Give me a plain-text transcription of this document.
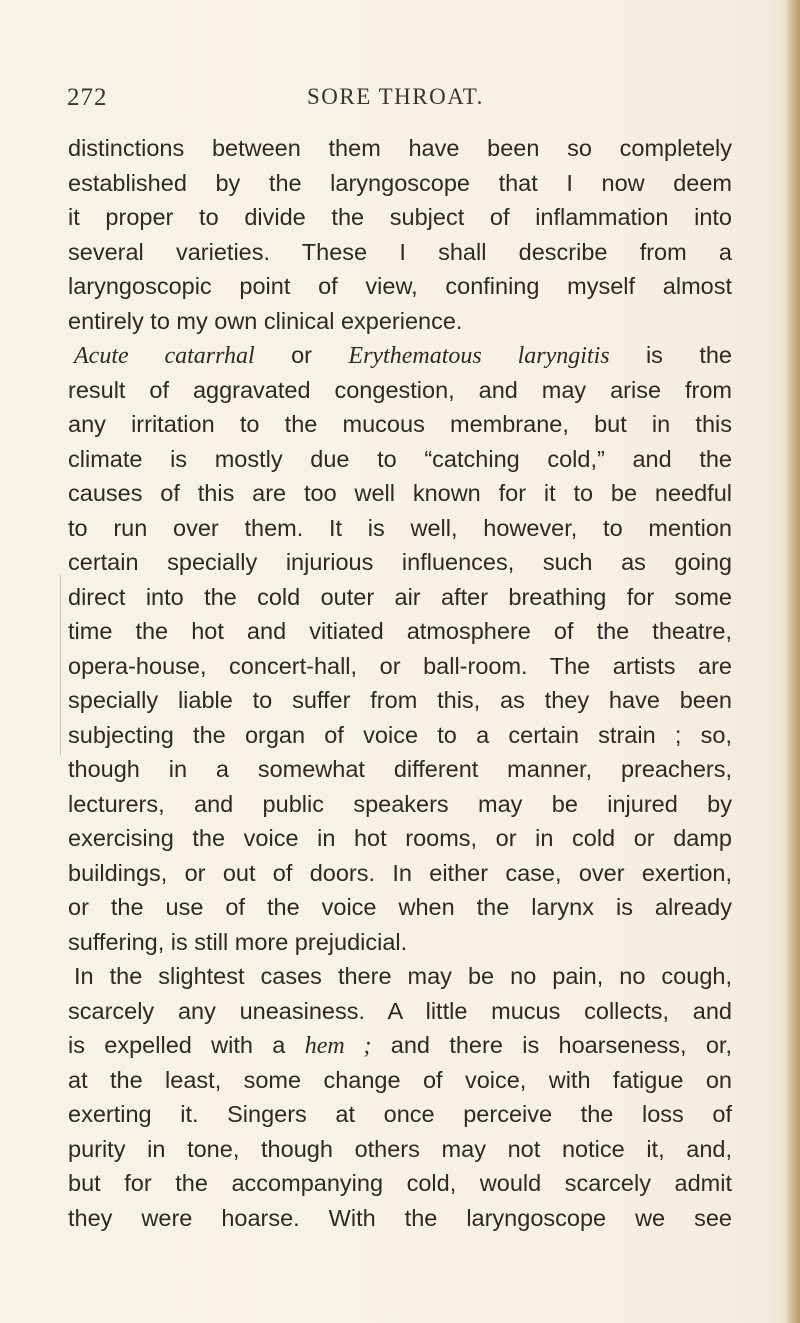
272	SORE THROAT.
distinctions between them have been so completely
established by the laryngoscope that I now deem
it proper to divide the subject of inflammation into
several varieties. These I shall describe from a
laryngoscopic point of view, confining myself almost
entirely to my own clinical experience.
Acute catarrhal or Erythematous laryngitis is the
result of aggravated congestion, and may arise from
any irritation to the mucous membrane, but in this
climate is mostly due to “catching cold,” and the
causes of this are too well known for it to be needful
to run over them. It is well, however, to mention
certain specially injurious influences, such as going
direct into the cold outer air after breathing for some
time the hot and vitiated atmosphere of the theatre,
opera-house, concert-hall, or ball-room. The artists are
specially liable to suffer from this, as they have been
subjecting the organ of voice to a certain strain ; so,
though in a somewhat different manner, preachers,
lecturers, and public speakers may be injured by
exercising the voice in hot rooms, or in cold or damp
buildings, or out of doors. In either case, over exertion,
or the use of the voice when the larynx is already
suffering, is still more prejudicial.
In the slightest cases there may be no pain, no cough,
scarcely any uneasiness. A little mucus collects, and
is expelled with a hem ; and there is hoarseness, or,
at the least, some change of voice, with fatigue on
exerting it. Singers at once perceive the loss of
purity in tone, though others may not notice it, and,
but for the accompanying cold, would scarcely admit
they were hoarse. With the laryngoscope we see
